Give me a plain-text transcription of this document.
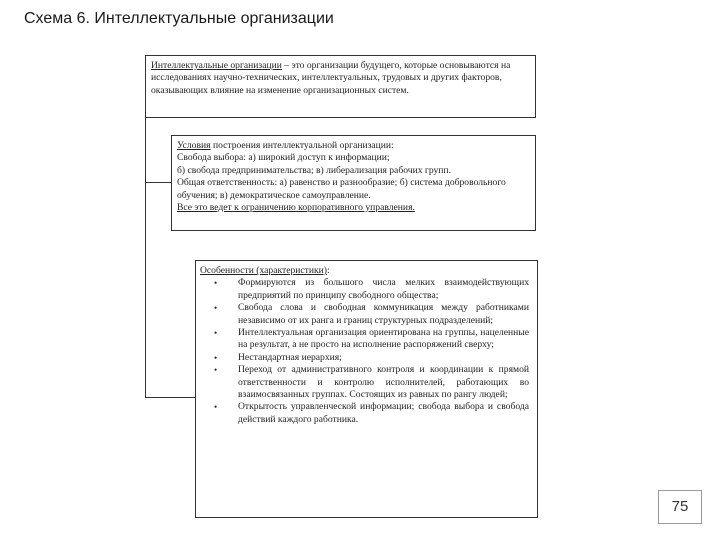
Схема 6. Интеллектуальные организации
Интеллектуальные организации – это организации будущего, которые основываются на исследованиях научно-технических, интеллектуальных, трудовых и других факторов, оказывающих влияние на изменение организационных систем.
Условия построения интеллектуальной организации:
Свобода выбора: а) широкий доступ к информации;
б) свобода предпринимательства; в) либерализация рабочих групп.
Общая ответственность: а) равенство и разнообразие; б) система добровольного обучения; в) демократическое самоуправление.
Все это ведет к ограничению корпоративного управления.
Особенности (характеристики):
• Формируются из большого числа мелких взаимодействующих предприятий по принципу свободного общества;
• Свобода слова и свободная коммуникация между работниками независимо от их ранга и границ структурных подразделений;
• Интеллектуальная организация ориентирована на группы, нацеленные на результат, а не просто на исполнение распоряжений сверху;
• Нестандартная иерархия;
• Переход от административного контроля и координации к прямой ответственности и контролю исполнителей, работающих во взаимосвязанных группах. Состоящих из равных по рангу людей;
• Открытость управленческой информации; свобода выбора и свобода действий каждого работника.
75
